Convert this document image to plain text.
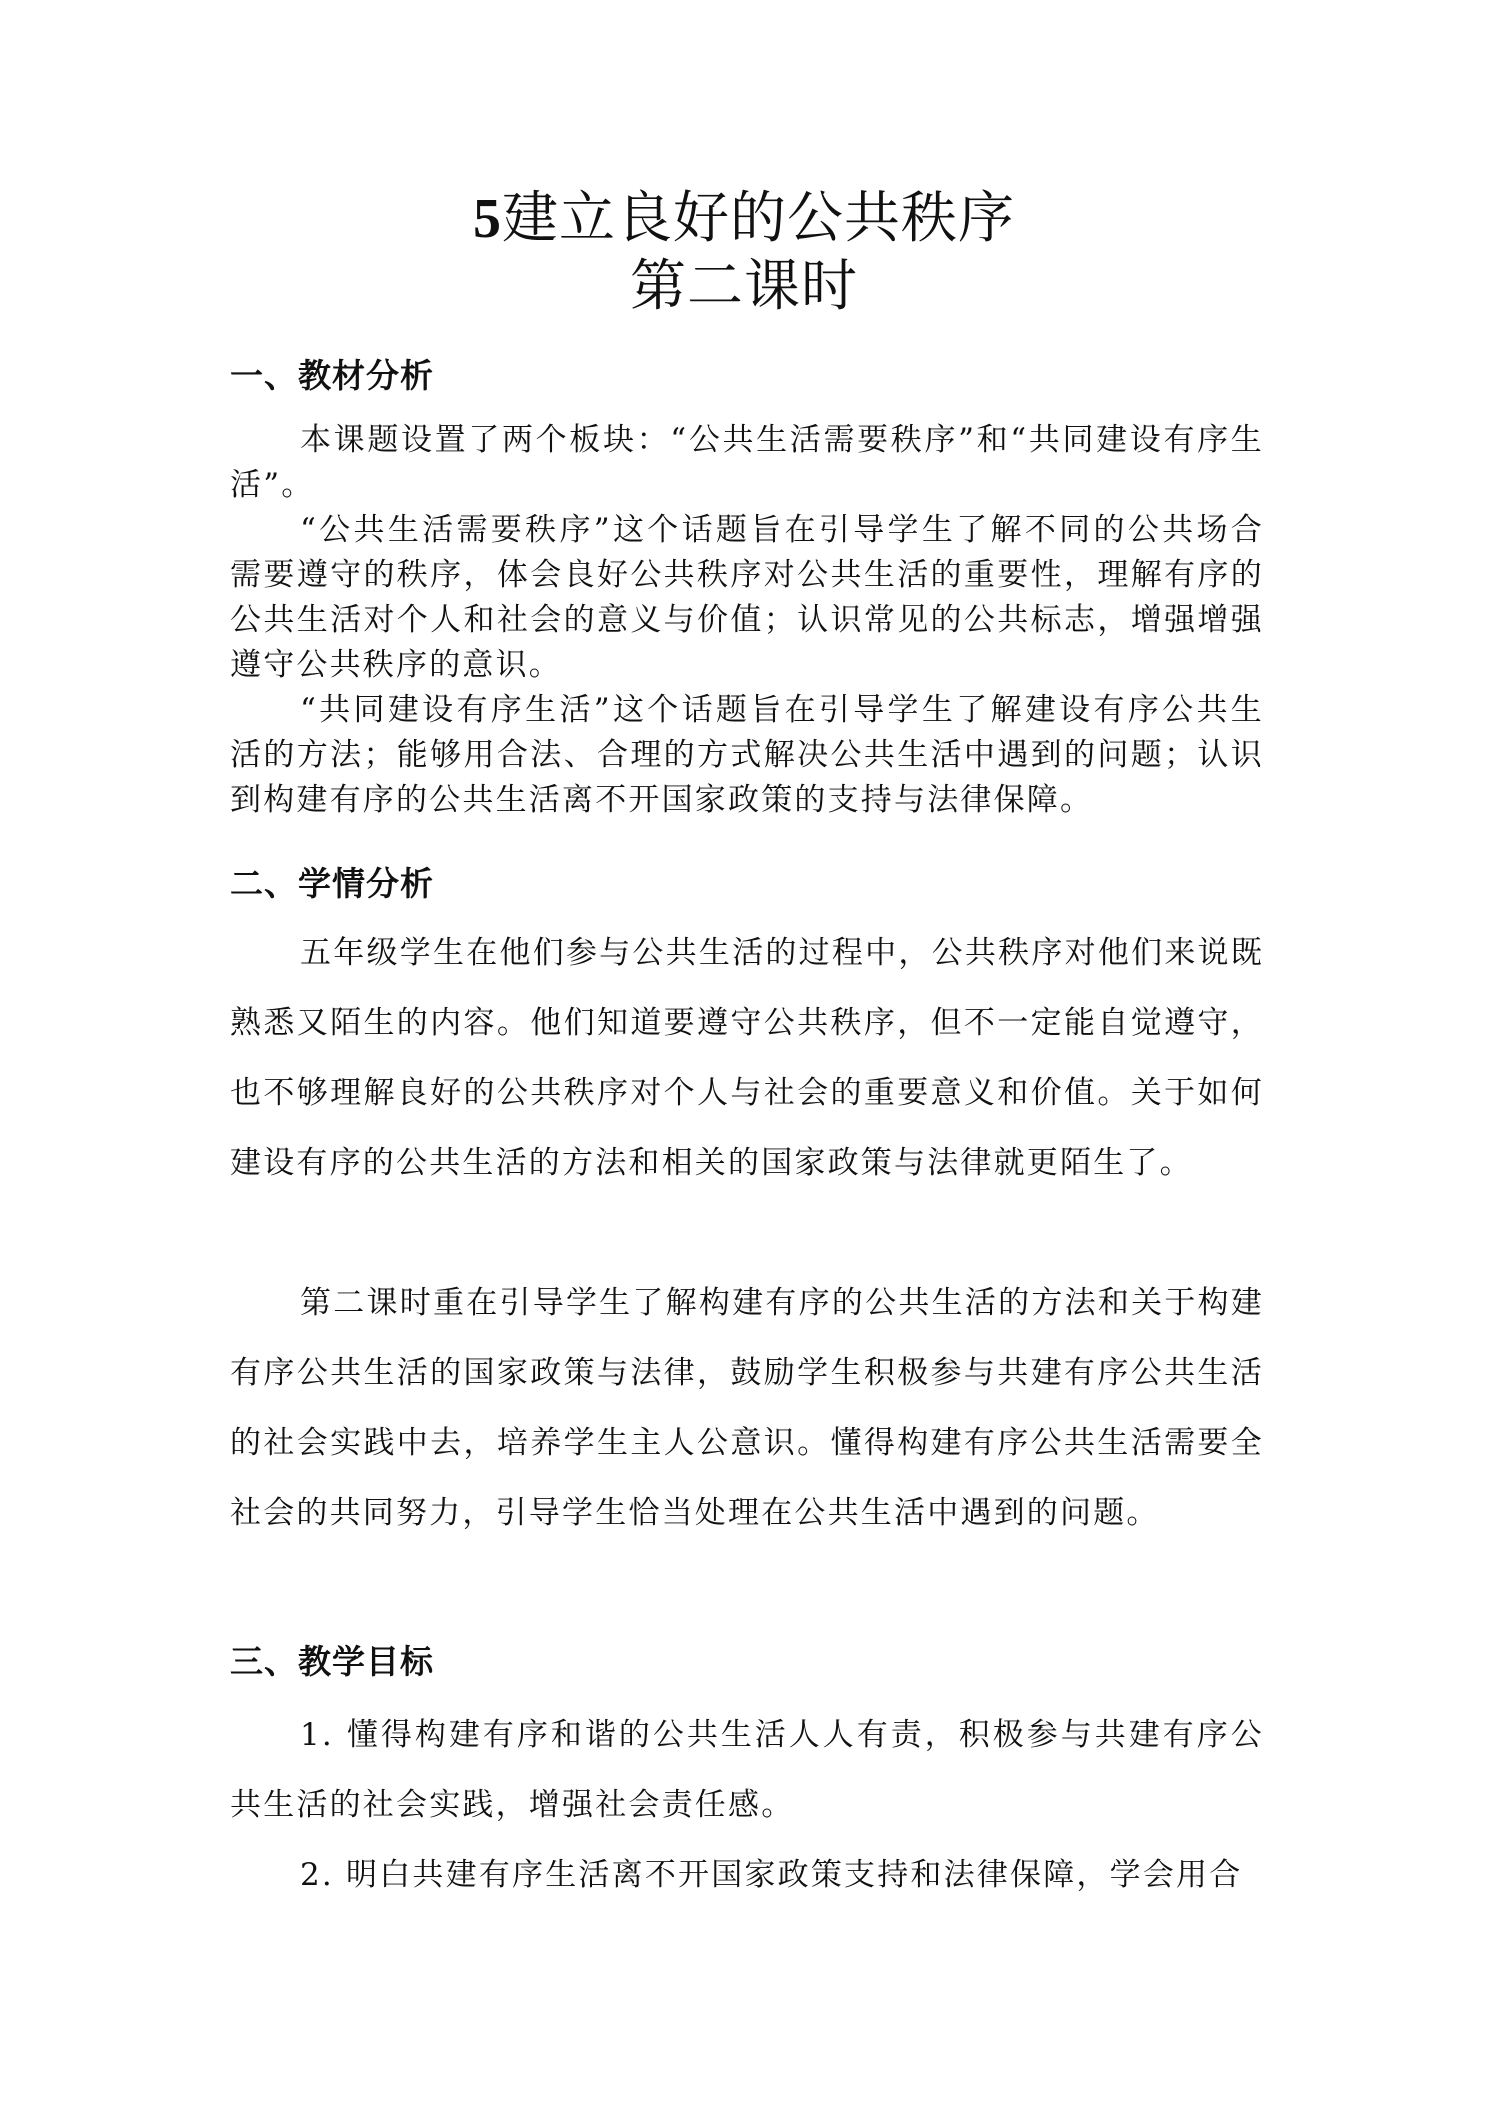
5建立良好的公共秩序
第二课时
一、教材分析

本课题设置了两个板块：“公共生活需要秩序”和“共同建设有序生活”。

“公共生活需要秩序”这个话题旨在引导学生了解不同的公共场合需要遵守的秩序，体会良好公共秩序对公共生活的重要性，理解有序的公共生活对个人和社会的意义与价值；认识常见的公共标志，增强增强遵守公共秩序的意识。

“共同建设有序生活”这个话题旨在引导学生了解建设有序公共生活的方法；能够用合法、合理的方式解决公共生活中遇到的问题；认识到构建有序的公共生活离不开国家政策的支持与法律保障。

二、学情分析

五年级学生在他们参与公共生活的过程中，公共秩序对他们来说既熟悉又陌生的内容。他们知道要遵守公共秩序，但不一定能自觉遵守，也不够理解良好的公共秩序对个人与社会的重要意义和价值。关于如何建设有序的公共生活的方法和相关的国家政策与法律就更陌生了。

第二课时重在引导学生了解构建有序的公共生活的方法和关于构建有序公共生活的国家政策与法律，鼓励学生积极参与共建有序公共生活的社会实践中去，培养学生主人公意识。懂得构建有序公共生活需要全社会的共同努力，引导学生恰当处理在公共生活中遇到的问题。

三、教学目标

1. 懂得构建有序和谐的公共生活人人有责，积极参与共建有序公共生活的社会实践，增强社会责任感。

2. 明白共建有序生活离不开国家政策支持和法律保障，学会用合
